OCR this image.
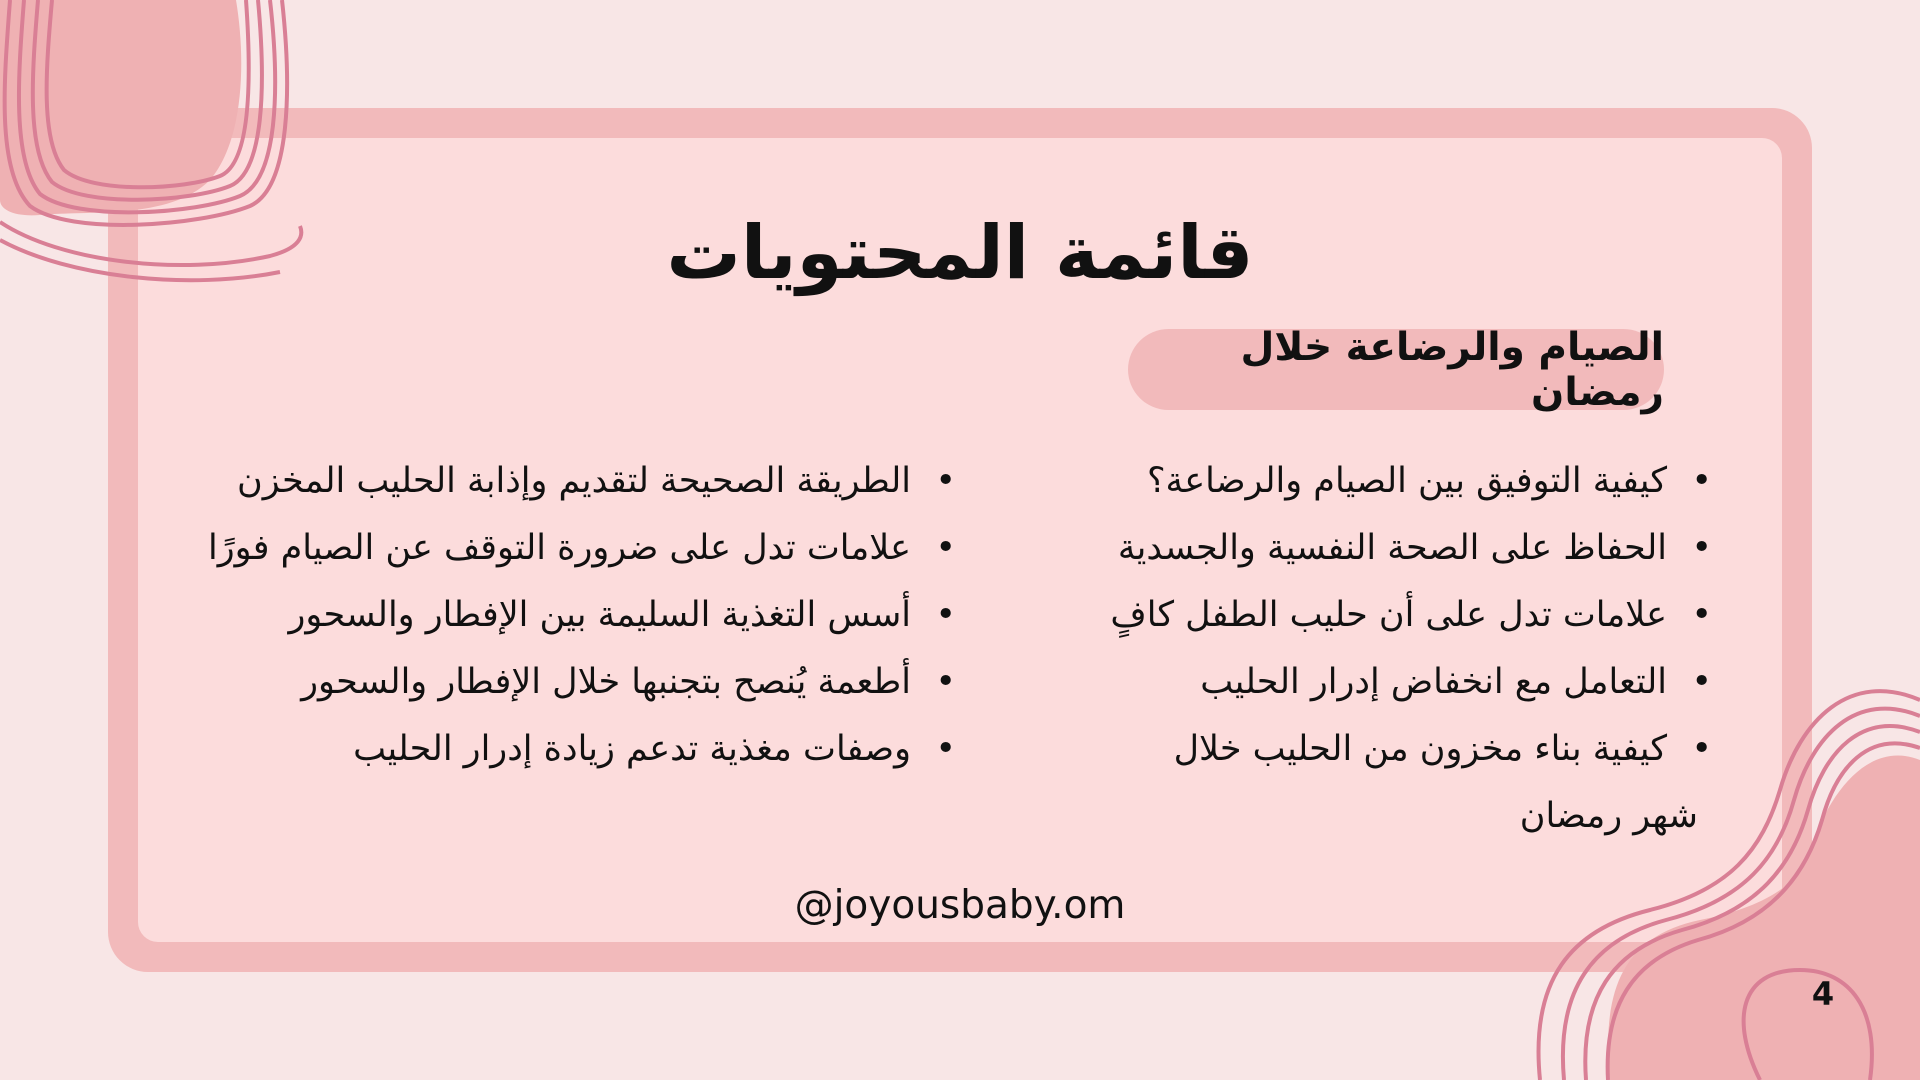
قائمة المحتويات
الصيام والرضاعة خلال رمضان
•
كيفية التوفيق بين الصيام والرضاعة؟
•
الحفاظ على الصحة النفسية والجسدية
•
علامات تدل على أن حليب الطفل كافٍ
•
التعامل مع انخفاض إدرار الحليب
•
كيفية بناء مخزون من الحليب خلال
شهر رمضان
•
الطريقة الصحيحة لتقديم وإذابة الحليب المخزن
•
علامات تدل على ضرورة التوقف عن الصيام فورًا
•
أسس التغذية السليمة بين الإفطار والسحور
•
أطعمة يُنصح بتجنبها خلال الإفطار والسحور
•
وصفات مغذية تدعم زيادة إدرار الحليب
@joyousbaby.om
4
